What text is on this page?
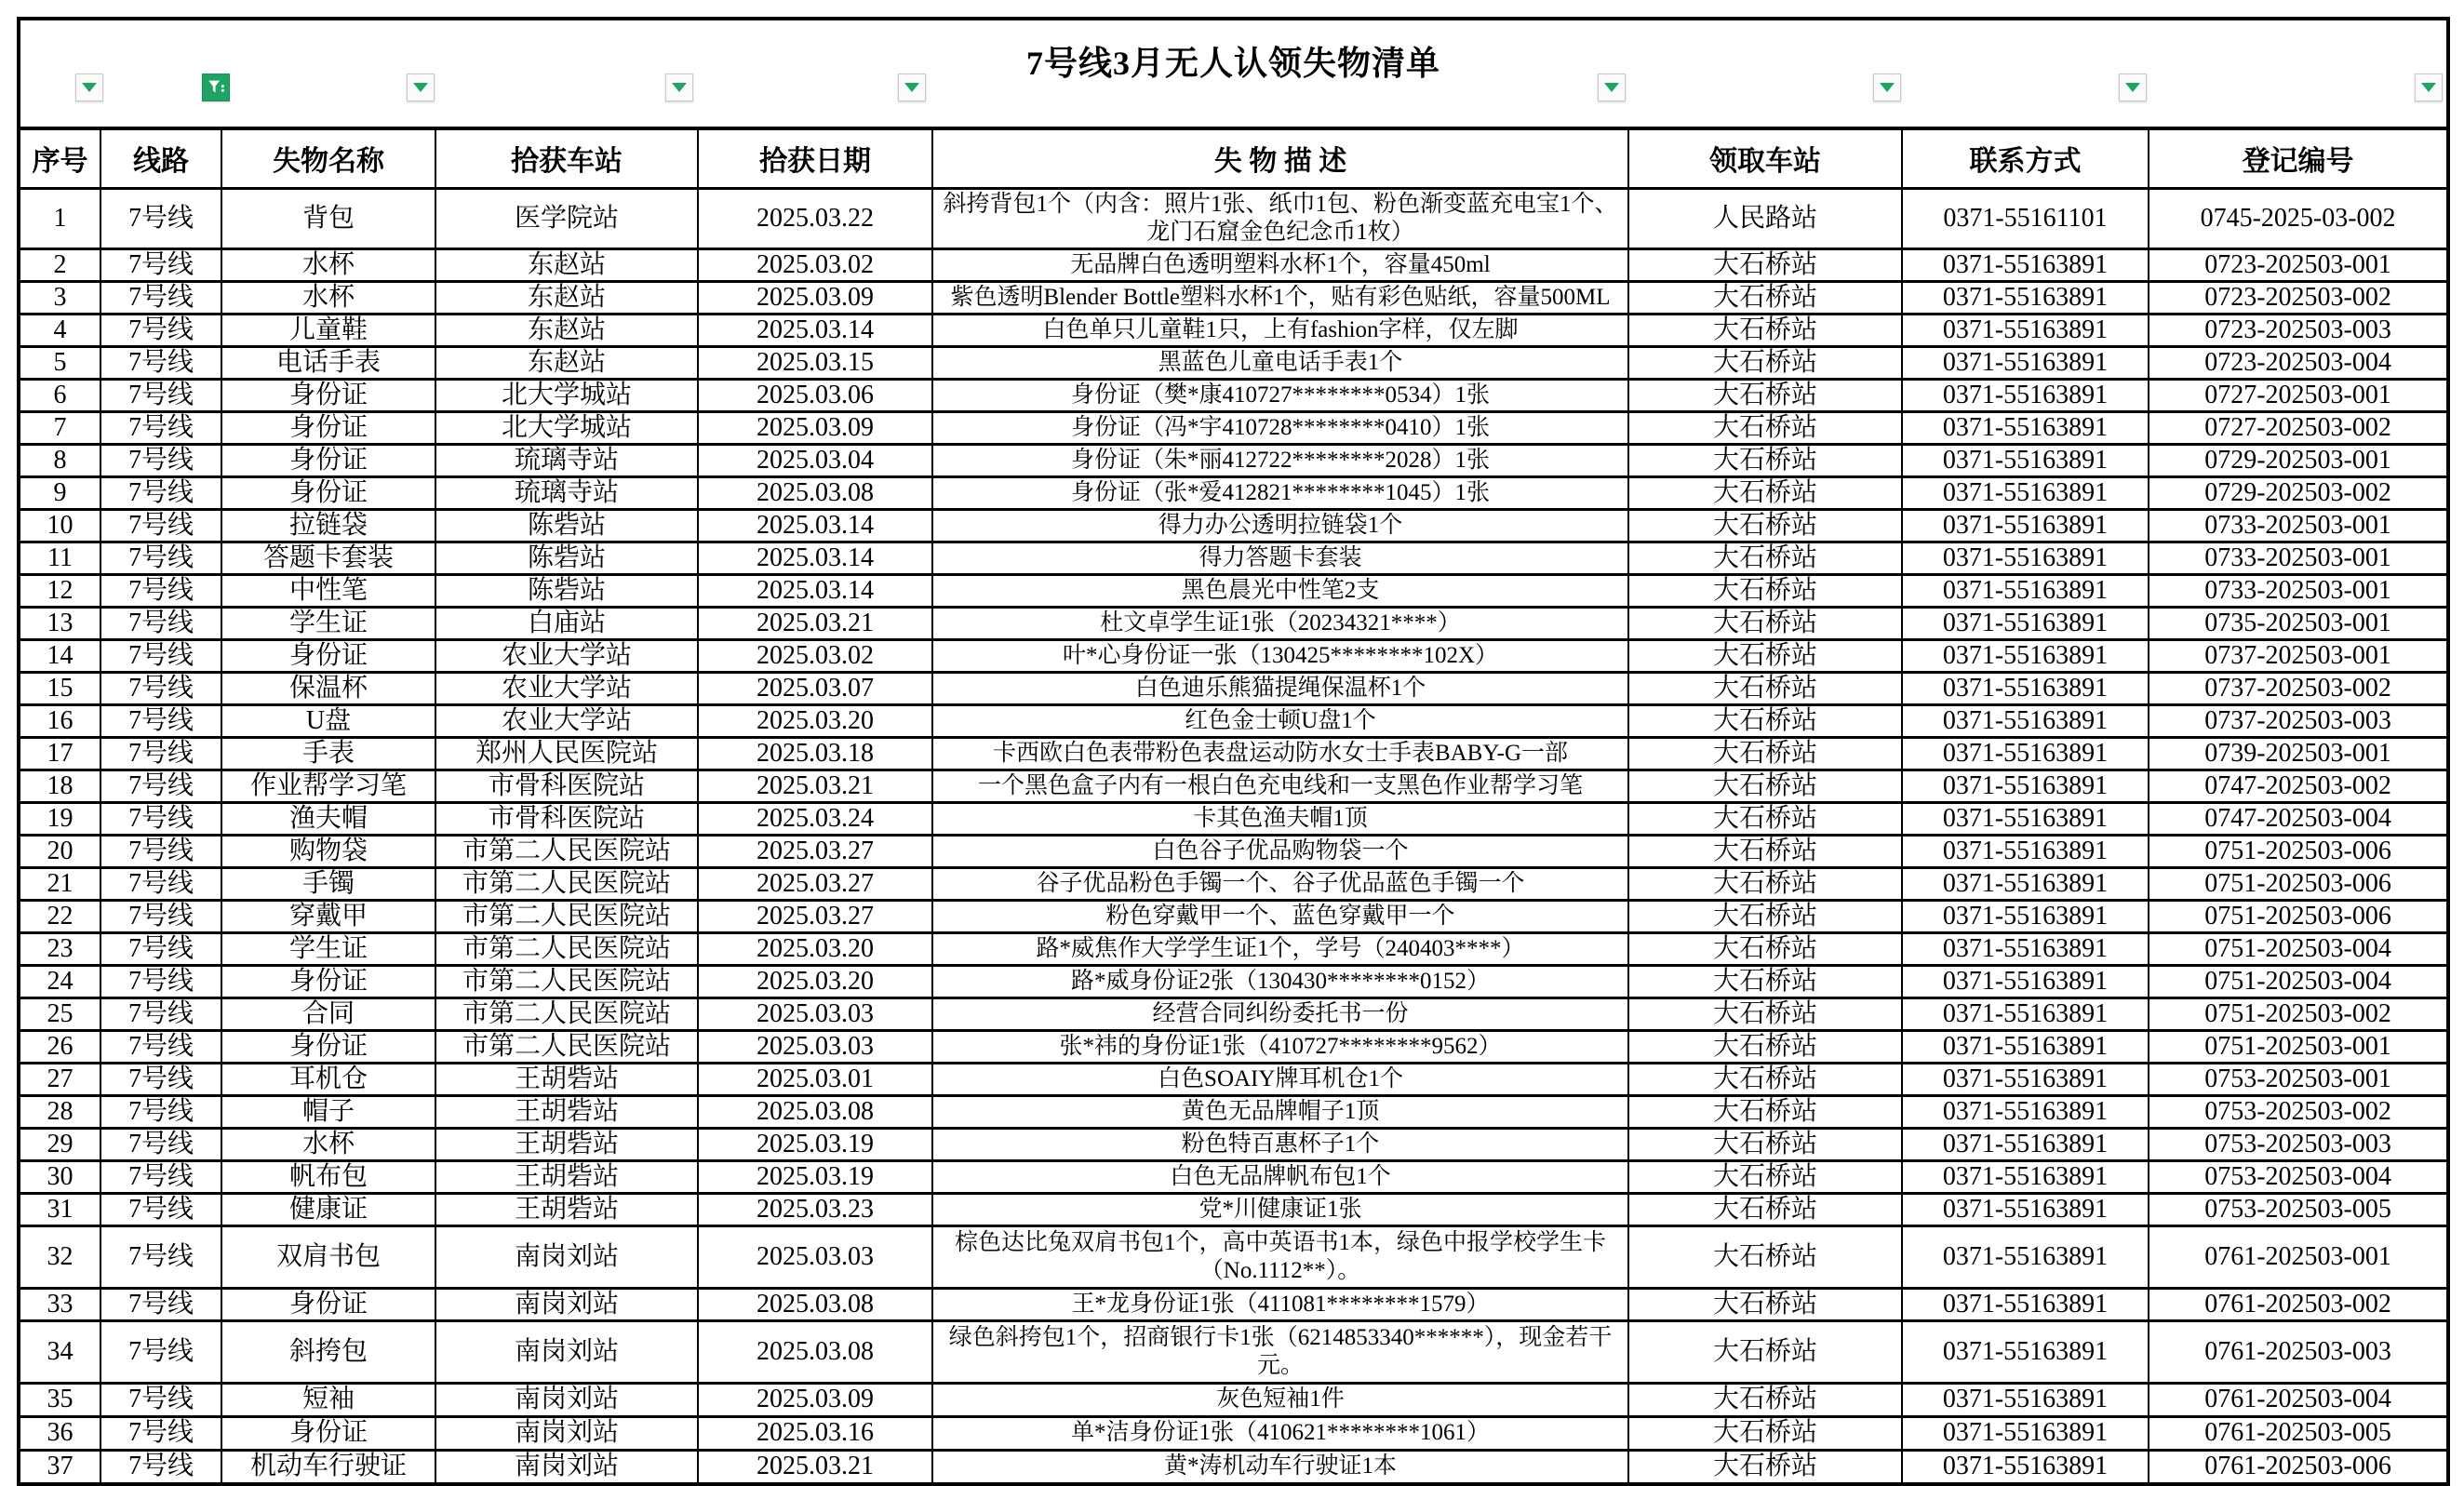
7号线3月无人认领失物清单								
序号	线路	失物名称	拾获车站	拾获日期	失 物 描 述	领取车站	联系方式	登记编号
1	7号线	背包	医学院站	2025.03.22	斜挎背包1个（内含：照片1张、纸巾1包、粉色渐变蓝充电宝1个、龙门石窟金色纪念币1枚）	人民路站	0371-55161101	0745-2025-03-002
2	7号线	水杯	东赵站	2025.03.02	无品牌白色透明塑料水杯1个，容量450ml	大石桥站	0371-55163891	0723-202503-001
3	7号线	水杯	东赵站	2025.03.09	紫色透明Blender Bottle塑料水杯1个，贴有彩色贴纸，容量500ML	大石桥站	0371-55163891	0723-202503-002
4	7号线	儿童鞋	东赵站	2025.03.14	白色单只儿童鞋1只，上有fashion字样，仅左脚	大石桥站	0371-55163891	0723-202503-003
5	7号线	电话手表	东赵站	2025.03.15	黑蓝色儿童电话手表1个	大石桥站	0371-55163891	0723-202503-004
6	7号线	身份证	北大学城站	2025.03.06	身份证（樊*康410727********0534）1张	大石桥站	0371-55163891	0727-202503-001
7	7号线	身份证	北大学城站	2025.03.09	身份证（冯*宇410728********0410）1张	大石桥站	0371-55163891	0727-202503-002
8	7号线	身份证	琉璃寺站	2025.03.04	身份证（朱*丽412722********2028）1张	大石桥站	0371-55163891	0729-202503-001
9	7号线	身份证	琉璃寺站	2025.03.08	身份证（张*爱412821********1045）1张	大石桥站	0371-55163891	0729-202503-002
10	7号线	拉链袋	陈砦站	2025.03.14	得力办公透明拉链袋1个	大石桥站	0371-55163891	0733-202503-001
11	7号线	答题卡套装	陈砦站	2025.03.14	得力答题卡套装	大石桥站	0371-55163891	0733-202503-001
12	7号线	中性笔	陈砦站	2025.03.14	黑色晨光中性笔2支	大石桥站	0371-55163891	0733-202503-001
13	7号线	学生证	白庙站	2025.03.21	杜文卓学生证1张（20234321****）	大石桥站	0371-55163891	0735-202503-001
14	7号线	身份证	农业大学站	2025.03.02	叶*心身份证一张（130425********102X）	大石桥站	0371-55163891	0737-202503-001
15	7号线	保温杯	农业大学站	2025.03.07	白色迪乐熊猫提绳保温杯1个	大石桥站	0371-55163891	0737-202503-002
16	7号线	U盘	农业大学站	2025.03.20	红色金士顿U盘1个	大石桥站	0371-55163891	0737-202503-003
17	7号线	手表	郑州人民医院站	2025.03.18	卡西欧白色表带粉色表盘运动防水女士手表BABY-G一部	大石桥站	0371-55163891	0739-202503-001
18	7号线	作业帮学习笔	市骨科医院站	2025.03.21	一个黑色盒子内有一根白色充电线和一支黑色作业帮学习笔	大石桥站	0371-55163891	0747-202503-002
19	7号线	渔夫帽	市骨科医院站	2025.03.24	卡其色渔夫帽1顶	大石桥站	0371-55163891	0747-202503-004
20	7号线	购物袋	市第二人民医院站	2025.03.27	白色谷子优品购物袋一个	大石桥站	0371-55163891	0751-202503-006
21	7号线	手镯	市第二人民医院站	2025.03.27	谷子优品粉色手镯一个、谷子优品蓝色手镯一个	大石桥站	0371-55163891	0751-202503-006
22	7号线	穿戴甲	市第二人民医院站	2025.03.27	粉色穿戴甲一个、蓝色穿戴甲一个	大石桥站	0371-55163891	0751-202503-006
23	7号线	学生证	市第二人民医院站	2025.03.20	路*威焦作大学学生证1个，学号（240403****）	大石桥站	0371-55163891	0751-202503-004
24	7号线	身份证	市第二人民医院站	2025.03.20	路*威身份证2张（130430********0152）	大石桥站	0371-55163891	0751-202503-004
25	7号线	合同	市第二人民医院站	2025.03.03	经营合同纠纷委托书一份	大石桥站	0371-55163891	0751-202503-002
26	7号线	身份证	市第二人民医院站	2025.03.03	张*祎的身份证1张（410727********9562）	大石桥站	0371-55163891	0751-202503-001
27	7号线	耳机仓	王胡砦站	2025.03.01	白色SOAIY牌耳机仓1个	大石桥站	0371-55163891	0753-202503-001
28	7号线	帽子	王胡砦站	2025.03.08	黄色无品牌帽子1顶	大石桥站	0371-55163891	0753-202503-002
29	7号线	水杯	王胡砦站	2025.03.19	粉色特百惠杯子1个	大石桥站	0371-55163891	0753-202503-003
30	7号线	帆布包	王胡砦站	2025.03.19	白色无品牌帆布包1个	大石桥站	0371-55163891	0753-202503-004
31	7号线	健康证	王胡砦站	2025.03.23	党*川健康证1张	大石桥站	0371-55163891	0753-202503-005
32	7号线	双肩书包	南岗刘站	2025.03.03	棕色达比兔双肩书包1个，高中英语书1本，绿色中报学校学生卡（No.1112**）。	大石桥站	0371-55163891	0761-202503-001
33	7号线	身份证	南岗刘站	2025.03.08	王*龙身份证1张（411081********1579）	大石桥站	0371-55163891	0761-202503-002
34	7号线	斜挎包	南岗刘站	2025.03.08	绿色斜挎包1个，招商银行卡1张（6214853340******），现金若干元。	大石桥站	0371-55163891	0761-202503-003
35	7号线	短袖	南岗刘站	2025.03.09	灰色短袖1件	大石桥站	0371-55163891	0761-202503-004
36	7号线	身份证	南岗刘站	2025.03.16	单*洁身份证1张（410621********1061）	大石桥站	0371-55163891	0761-202503-005
37	7号线	机动车行驶证	南岗刘站	2025.03.21	黄*涛机动车行驶证1本	大石桥站	0371-55163891	0761-202503-006
